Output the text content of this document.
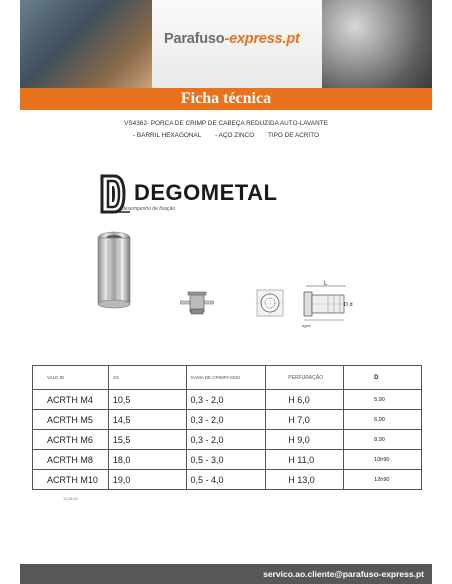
Parafuso-express.pt
Ficha técnica
VS4362- PORCA DE CRIMP DE CABEÇA REDUZIDA AUTO-LAVANTE
- BARRIL HEXAGONAL - AÇO ZINCO TIPO DE ACRITO
DEGOMETAL
desempenho de fixação
L
D d
ages
VALD ID	SS	GAMA DE CRIMPAGEM	PERFURAÇÃO	D
ACRTH M4	10,5	0,3 - 2,0	H 6,0	5,90
ACRTH M5	14,5	0,3 - 2,0	H 7,0	6,90
ACRTH M6	15,5	0,3 - 2,0	H 9,0	8,90
ACRTH M8	18,0	0,5 - 3,0	H 11,0	10h90
ACRTH M10	19,0	0,5 - 4,0	H 13,0	12h90
12.06.20
servico.ao.cliente@parafuso-express.pt
